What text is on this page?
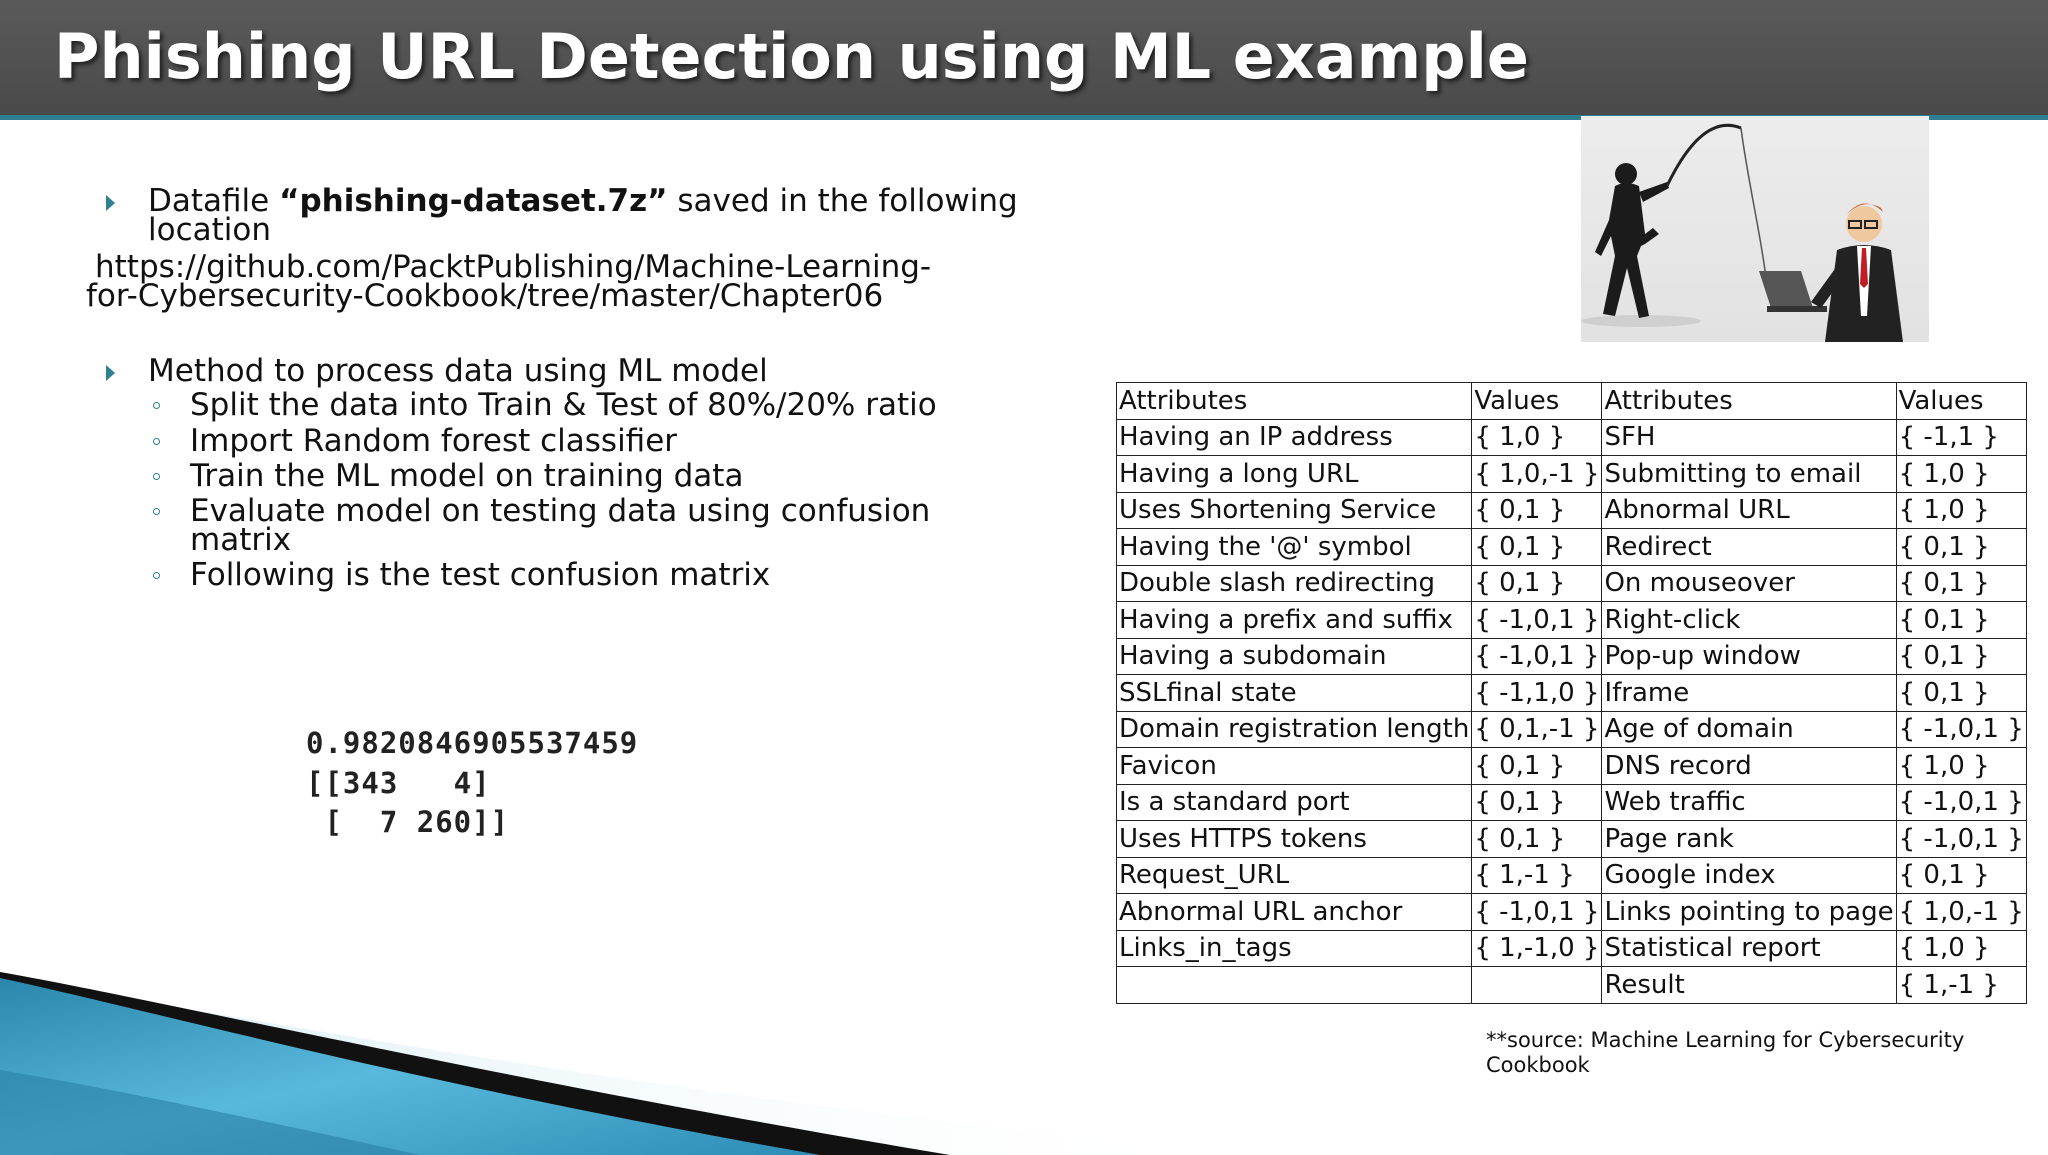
Phishing URL Detection using ML example
Datafile “phishing-dataset.7z” saved in the following
location
https://github.com/PacktPublishing/Machine-Learning-
for-Cybersecurity-Cookbook/tree/master/Chapter06
Method to process data using ML model
Split the data into Train & Test of 80%/20% ratio
Import Random forest classifier
Train the ML model on training data
Evaluate model on testing data using confusion
matrix
Following is the test confusion matrix
0.9820846905537459
[[343   4]
[  7 260]]
Attributes	Values	Attributes	Values
Having an IP address	{ 1,0 }	SFH	{ -1,1 }
Having a long URL	{ 1,0,-1 }	Submitting to email	{ 1,0 }
Uses Shortening Service	{ 0,1 }	Abnormal URL	{ 1,0 }
Having the '@' symbol	{ 0,1 }	Redirect	{ 0,1 }
Double slash redirecting	{ 0,1 }	On mouseover	{ 0,1 }
Having a prefix and suffix	{ -1,0,1 }	Right-click	{ 0,1 }
Having a subdomain	{ -1,0,1 }	Pop-up window	{ 0,1 }
SSLfinal state	{ -1,1,0 }	Iframe	{ 0,1 }
Domain registration length	{ 0,1,-1 }	Age of domain	{ -1,0,1 }
Favicon	{ 0,1 }	DNS record	{ 1,0 }
Is a standard port	{ 0,1 }	Web traffic	{ -1,0,1 }
Uses HTTPS tokens	{ 0,1 }	Page rank	{ -1,0,1 }
Request_URL	{ 1,-1 }	Google index	{ 0,1 }
Abnormal URL anchor	{ -1,0,1 }	Links pointing to page	{ 1,0,-1 }
Links_in_tags	{ 1,-1,0 }	Statistical report	{ 1,0 }
		Result	{ 1,-1 }
**source: Machine Learning for Cybersecurity Cookbook
